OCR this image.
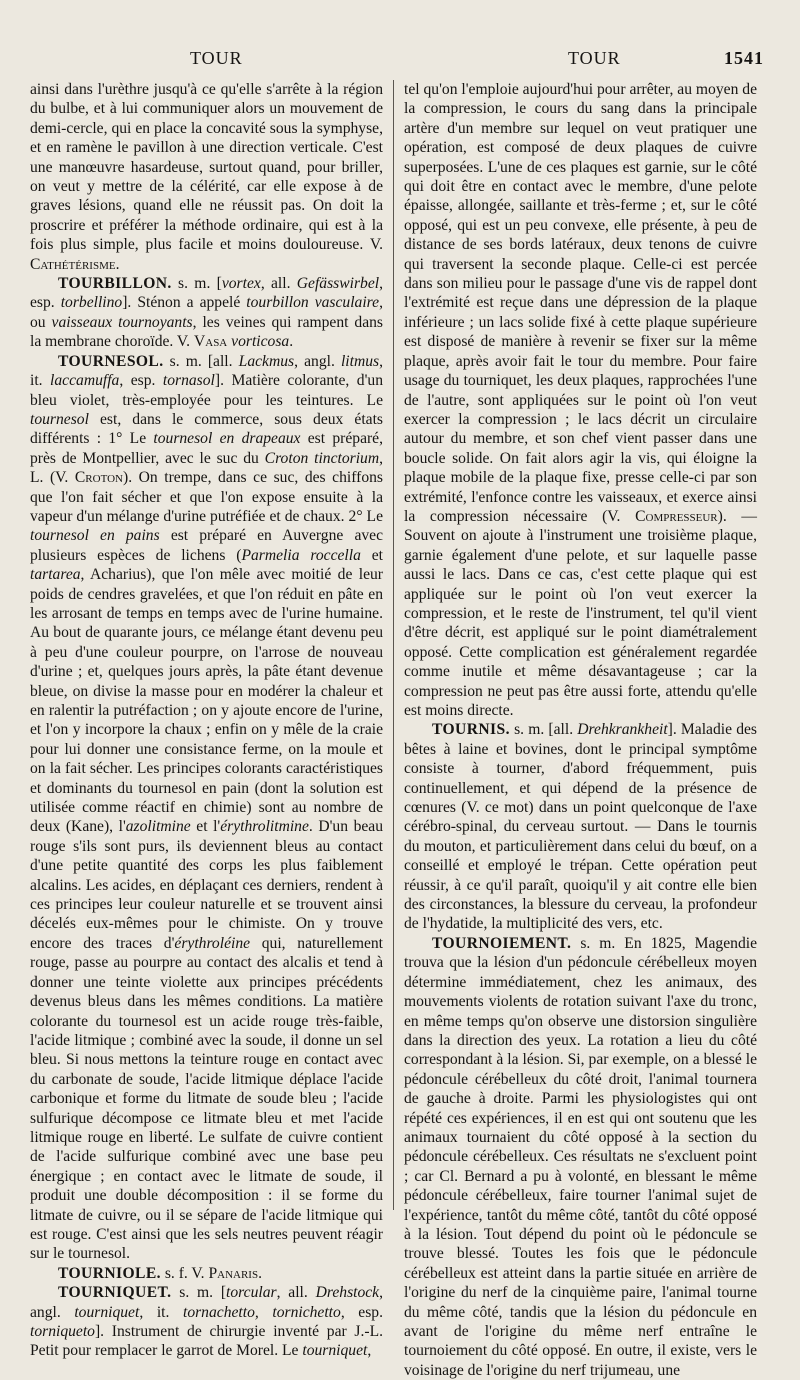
TOUR	TOUR	1541

ainsi dans l'urèthre jusqu'à ce qu'elle s'arrête à la région du bulbe, et à lui communiquer alors un mouvement de demi-cercle, qui en place la concavité sous la symphyse, et en ramène le pavillon à une direction verticale. C'est une manœuvre hasardeuse, surtout quand, pour briller, on veut y mettre de la célérité, car elle expose à de graves lésions, quand elle ne réussit pas. On doit la proscrire et préférer la méthode ordinaire, qui est à la fois plus simple, plus facile et moins douloureuse. V. Cathétérisme.

TOURBILLON. s. m. [vortex, all. Gefässwirbel, esp. torbellino]. Sténon a appelé tourbillon vasculaire, ou vaisseaux tournoyants, les veines qui rampent dans la membrane choroïde. V. Vasa vorticosa.

TOURNESOL. s. m. [all. Lackmus, angl. litmus, it. laccamuffa, esp. tornasol]. Matière colorante, d'un bleu violet, très-employée pour les teintures. Le tournesol est, dans le commerce, sous deux états différents : 1° Le tournesol en drapeaux est préparé, près de Montpellier, avec le suc du Croton tinctorium, L. (V. Croton). On trempe, dans ce suc, des chiffons que l'on fait sécher et que l'on expose ensuite à la vapeur d'un mélange d'urine putréfiée et de chaux. 2° Le tournesol en pains est préparé en Auvergne avec plusieurs espèces de lichens (Parmelia roccella et tartarea, Acharius), que l'on mêle avec moitié de leur poids de cendres gravelées, et que l'on réduit en pâte en les arrosant de temps en temps avec de l'urine humaine. Au bout de quarante jours, ce mélange étant devenu peu à peu d'une couleur pourpre, on l'arrose de nouveau d'urine ; et, quelques jours après, la pâte étant devenue bleue, on divise la masse pour en modérer la chaleur et en ralentir la putréfaction ; on y ajoute encore de l'urine, et l'on y incorpore la chaux ; enfin on y mêle de la craie pour lui donner une consistance ferme, on la moule et on la fait sécher. Les principes colorants caractéristiques et dominants du tournesol en pain (dont la solution est utilisée comme réactif en chimie) sont au nombre de deux (Kane), l'azolitmine et l'érythrolitmine. D'un beau rouge s'ils sont purs, ils deviennent bleus au contact d'une petite quantité des corps les plus faiblement alcalins. Les acides, en déplaçant ces derniers, rendent à ces principes leur couleur naturelle et se trouvent ainsi décelés eux-mêmes pour le chimiste. On y trouve encore des traces d'érythroléine qui, naturellement rouge, passe au pourpre au contact des alcalis et tend à donner une teinte violette aux principes précédents devenus bleus dans les mêmes conditions. La matière colorante du tournesol est un acide rouge très-faible, l'acide litmique ; combiné avec la soude, il donne un sel bleu. Si nous mettons la teinture rouge en contact avec du carbonate de soude, l'acide litmique déplace l'acide carbonique et forme du litmate de soude bleu ; l'acide sulfurique décompose ce litmate bleu et met l'acide litmique rouge en liberté. Le sulfate de cuivre contient de l'acide sulfurique combiné avec une base peu énergique ; en contact avec le litmate de soude, il produit une double décomposition : il se forme du litmate de cuivre, ou il se sépare de l'acide litmique qui est rouge. C'est ainsi que les sels neutres peuvent réagir sur le tournesol.

TOURNIOLE. s. f. V. Panaris.

TOURNIQUET. s. m. [torcular, all. Drehstock, angl. tourniquet, it. tornachetto, tornichetto, esp. torniqueto]. Instrument de chirurgie inventé par J.-L. Petit pour remplacer le garrot de Morel. Le tourniquet,

tel qu'on l'emploie aujourd'hui pour arrêter, au moyen de la compression, le cours du sang dans la principale artère d'un membre sur lequel on veut pratiquer une opération, est composé de deux plaques de cuivre superposées. L'une de ces plaques est garnie, sur le côté qui doit être en contact avec le membre, d'une pelote épaisse, allongée, saillante et très-ferme ; et, sur le côté opposé, qui est un peu convexe, elle présente, à peu de distance de ses bords latéraux, deux tenons de cuivre qui traversent la seconde plaque. Celle-ci est percée dans son milieu pour le passage d'une vis de rappel dont l'extrémité est reçue dans une dépression de la plaque inférieure ; un lacs solide fixé à cette plaque supérieure est disposé de manière à revenir se fixer sur la même plaque, après avoir fait le tour du membre. Pour faire usage du tourniquet, les deux plaques, rapprochées l'une de l'autre, sont appliquées sur le point où l'on veut exercer la compression ; le lacs décrit un circulaire autour du membre, et son chef vient passer dans une boucle solide. On fait alors agir la vis, qui éloigne la plaque mobile de la plaque fixe, presse celle-ci par son extrémité, l'enfonce contre les vaisseaux, et exerce ainsi la compression nécessaire (V. Compresseur). — Souvent on ajoute à l'instrument une troisième plaque, garnie également d'une pelote, et sur laquelle passe aussi le lacs. Dans ce cas, c'est cette plaque qui est appliquée sur le point où l'on veut exercer la compression, et le reste de l'instrument, tel qu'il vient d'être décrit, est appliqué sur le point diamétralement opposé. Cette complication est généralement regardée comme inutile et même désavantageuse ; car la compression ne peut pas être aussi forte, attendu qu'elle est moins directe.

TOURNIS. s. m. [all. Drehkrankheit]. Maladie des bêtes à laine et bovines, dont le principal symptôme consiste à tourner, d'abord fréquemment, puis continuellement, et qui dépend de la présence de cœnures (V. ce mot) dans un point quelconque de l'axe cérébro-spinal, du cerveau surtout. — Dans le tournis du mouton, et particulièrement dans celui du bœuf, on a conseillé et employé le trépan. Cette opération peut réussir, à ce qu'il paraît, quoiqu'il y ait contre elle bien des circonstances, la blessure du cerveau, la profondeur de l'hydatide, la multiplicité des vers, etc.

TOURNOIEMENT. s. m. En 1825, Magendie trouva que la lésion d'un pédoncule cérébelleux moyen détermine immédiatement, chez les animaux, des mouvements violents de rotation suivant l'axe du tronc, en même temps qu'on observe une distorsion singulière dans la direction des yeux. La rotation a lieu du côté correspondant à la lésion. Si, par exemple, on a blessé le pédoncule cérébelleux du côté droit, l'animal tournera de gauche à droite. Parmi les physiologistes qui ont répété ces expériences, il en est qui ont soutenu que les animaux tournaient du côté opposé à la section du pédoncule cérébelleux. Ces résultats ne s'excluent point ; car Cl. Bernard a pu à volonté, en blessant le même pédoncule cérébelleux, faire tourner l'animal sujet de l'expérience, tantôt du même côté, tantôt du côté opposé à la lésion. Tout dépend du point où le pédoncule se trouve blessé. Toutes les fois que le pédoncule cérébelleux est atteint dans la partie située en arrière de l'origine du nerf de la cinquième paire, l'animal tourne du même côté, tandis que la lésion du pédoncule en avant de l'origine du même nerf entraîne le tournoiement du côté opposé. En outre, il existe, vers le voisinage de l'origine du nerf trijumeau, une
